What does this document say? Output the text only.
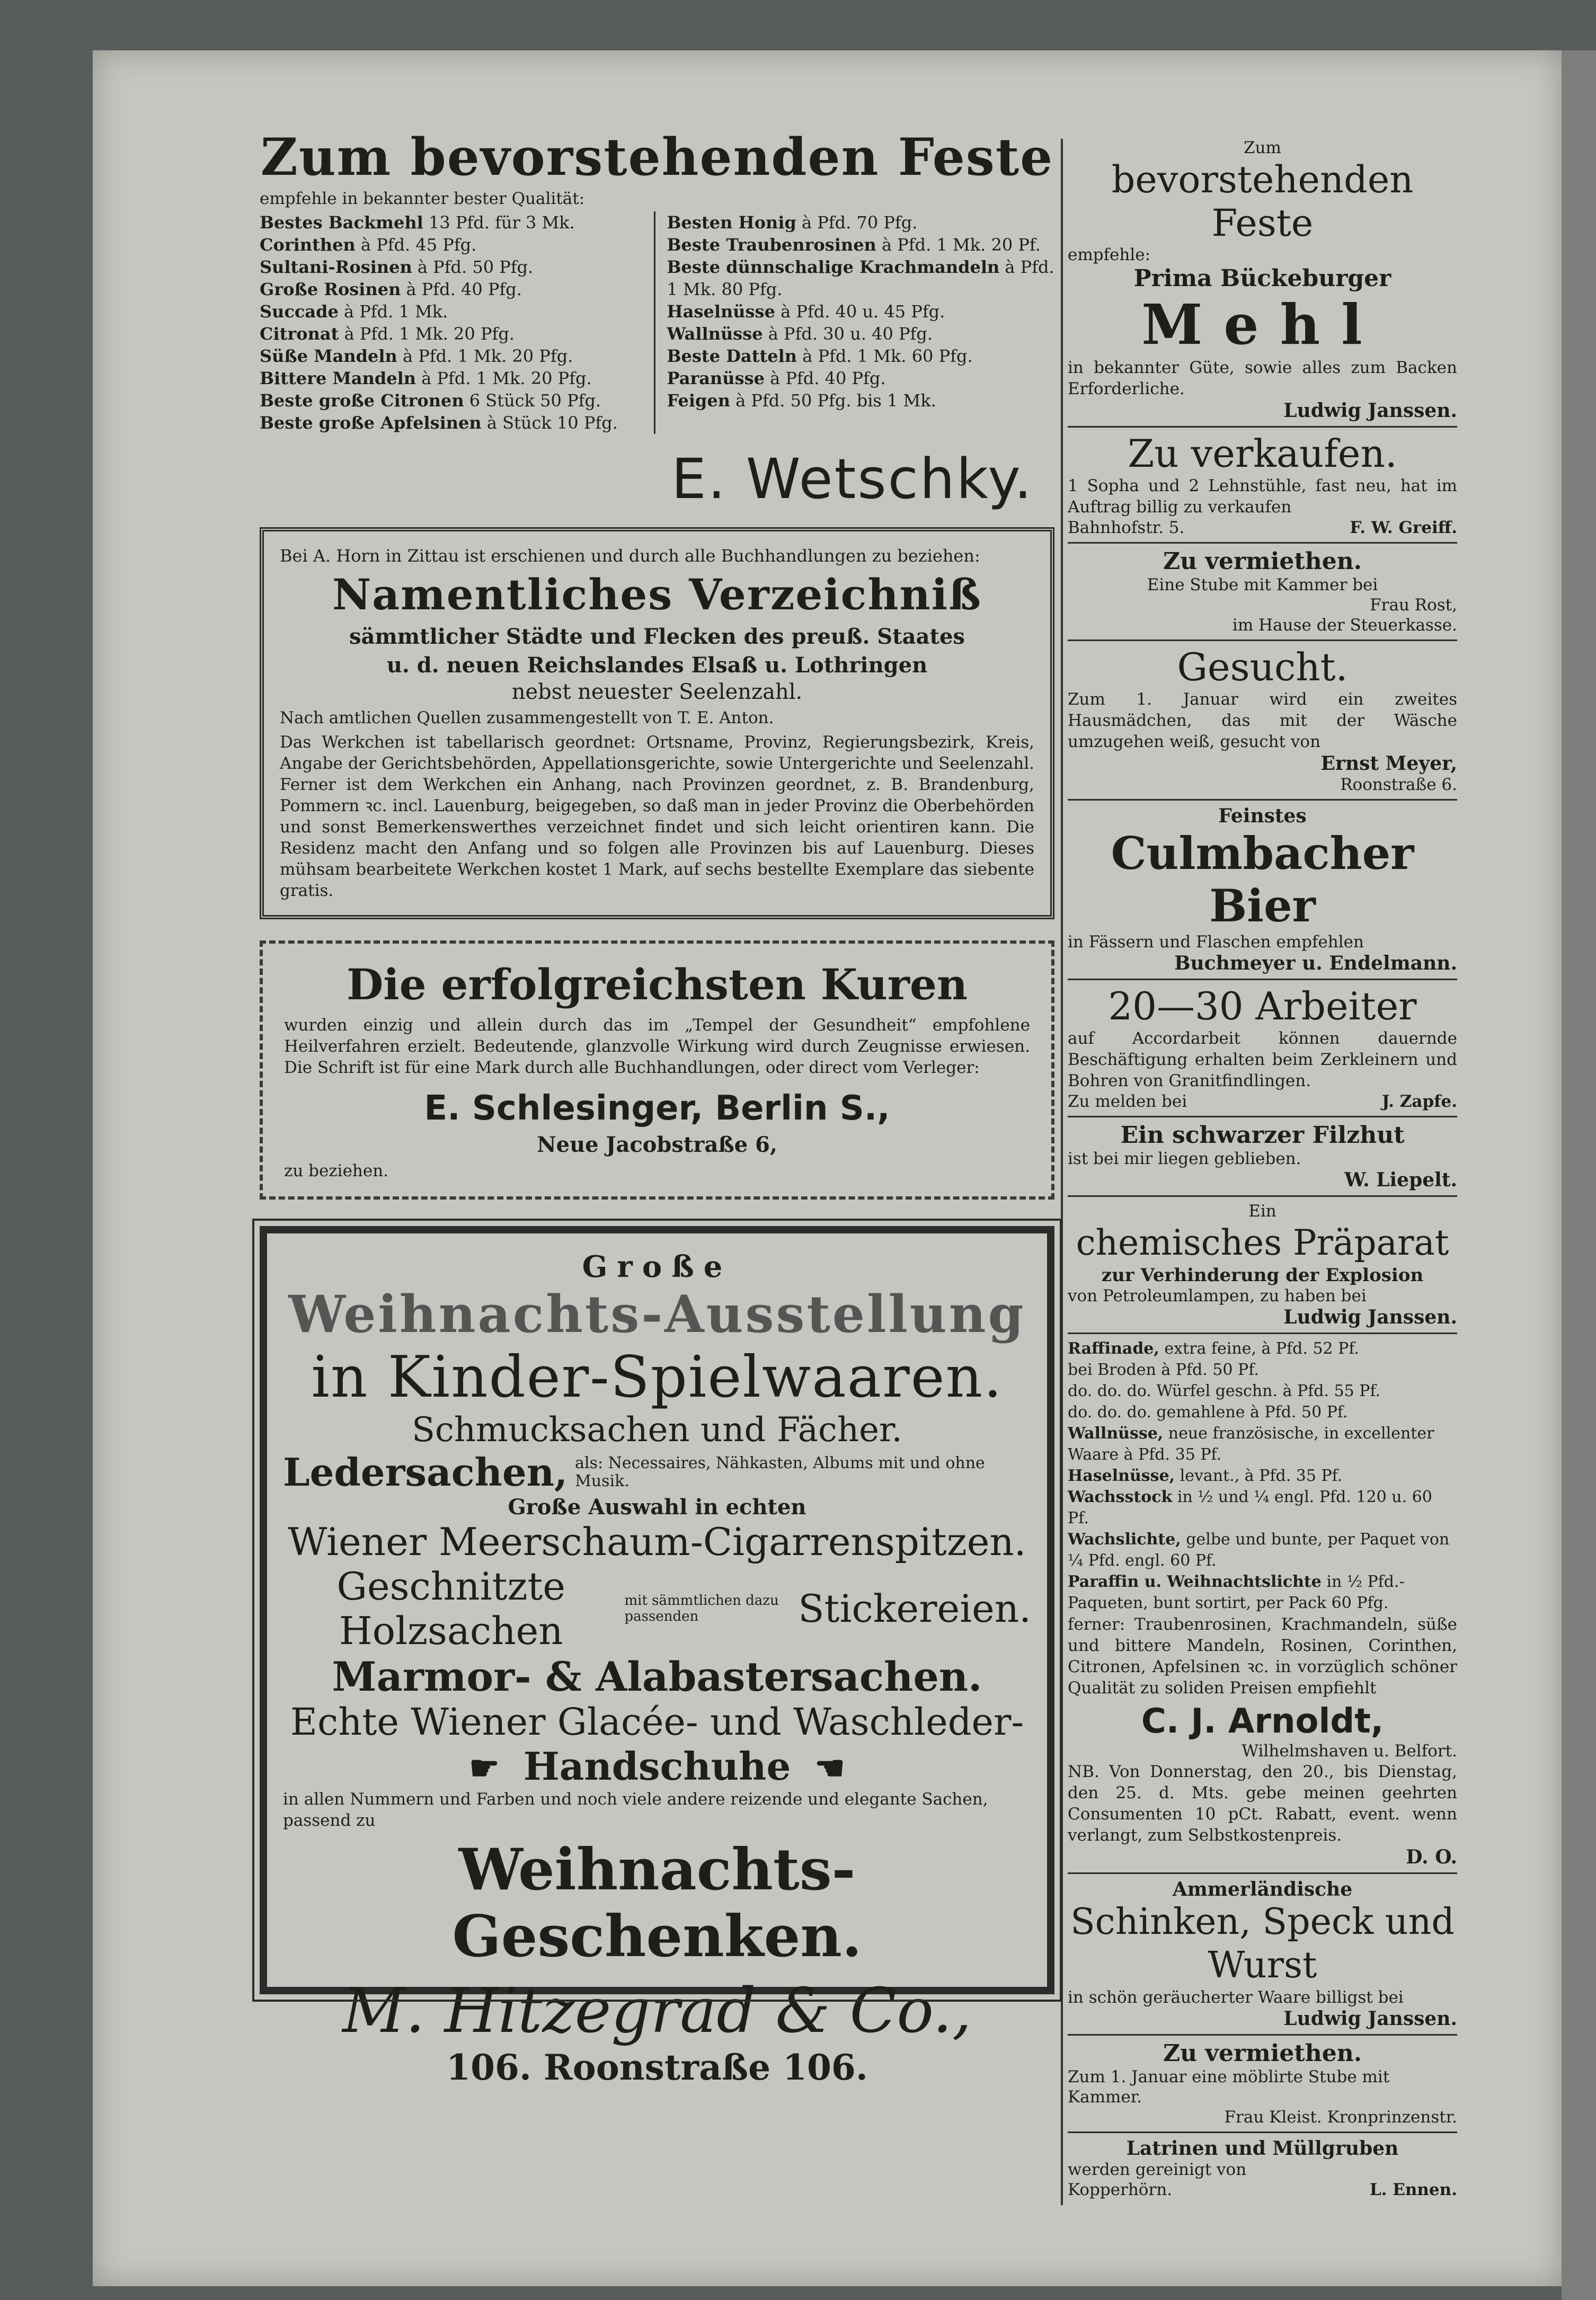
Zum bevorstehenden Feste
empfehle in bekannter bester Qualität:
Bestes Backmehl 13 Pfd. für 3 Mk.
Corinthen à Pfd. 45 Pfg.
Sultani-Rosinen à Pfd. 50 Pfg.
Große Rosinen à Pfd. 40 Pfg.
Succade à Pfd. 1 Mk.
Citronat à Pfd. 1 Mk. 20 Pfg.
Süße Mandeln à Pfd. 1 Mk. 20 Pfg.
Bittere Mandeln à Pfd. 1 Mk. 20 Pfg.
Beste große Citronen 6 Stück 50 Pfg.
Beste große Apfelsinen à Stück 10 Pfg.
Besten Honig à Pfd. 70 Pfg.
Beste Traubenrosinen à Pfd. 1 Mk. 20 Pf.
Beste dünnschalige Krachmandeln à Pfd. 1 Mk. 80 Pfg.
Haselnüsse à Pfd. 40 u. 45 Pfg.
Wallnüsse à Pfd. 30 u. 40 Pfg.
Beste Datteln à Pfd. 1 Mk. 60 Pfg.
Paranüsse à Pfd. 40 Pfg.
Feigen à Pfd. 50 Pfg. bis 1 Mk.
E. Wetschky.
Bei A. Horn in Zittau ist erschienen und durch alle Buchhandlungen zu beziehen:
Namentliches Verzeichniß
sämmtlicher Städte und Flecken des preuß. Staates
u. d. neuen Reichslandes Elsaß u. Lothringen
nebst neuester Seelenzahl.
Nach amtlichen Quellen zusammengestellt von T. E. Anton.
Das Werkchen ist tabellarisch geordnet: Ortsname, Provinz, Regierungsbezirk, Kreis, Angabe der Gerichtsbehörden, Appellationsgerichte, sowie Untergerichte und Seelenzahl. Ferner ist dem Werkchen ein Anhang, nach Provinzen geordnet, z. B. Brandenburg, Pommern ꝛc. incl. Lauenburg, beigegeben, so daß man in jeder Provinz die Oberbehörden und sonst Bemerkenswerthes verzeichnet findet und sich leicht orientiren kann. Die Residenz macht den Anfang und so folgen alle Provinzen bis auf Lauenburg. Dieses mühsam bearbeitete Werkchen kostet 1 Mark, auf sechs bestellte Exemplare das siebente gratis.
Die erfolgreichsten Kuren
wurden einzig und allein durch das im „Tempel der Gesundheit“ empfohlene Heilverfahren erzielt. Bedeutende, glanzvolle Wirkung wird durch Zeugnisse erwiesen. Die Schrift ist für eine Mark durch alle Buchhandlungen, oder direct vom Verleger:
E. Schlesinger, Berlin S.,
Neue Jacobstraße 6,
zu beziehen.
Große
Weihnachts-Ausstellung
in Kinder-Spielwaaren.
Schmucksachen und Fächer.
Ledersachen, als: Necessaires, Nähkasten, Albums mit und ohne Musik.
Große Auswahl in echten
Wiener Meerschaum-Cigarrenspitzen.
Geschnitzte Holzsachen
mit sämmtlichen dazu passenden	Stickereien.
Marmor- & Alabastersachen.
Echte Wiener Glacée- und Waschleder-
☛ Handschuhe ☚
in allen Nummern und Farben und noch viele andere reizende und elegante Sachen, passend zu
Weihnachts-Geschenken.
M. Hitzegrad & Co.,
106. Roonstraße 106.
Zum
bevorstehenden Feste
empfehle:
Prima Bückeburger
Mehl
in bekannter Güte, sowie alles zum Backen Erforderliche.
Ludwig Janssen.
Zu verkaufen.
1 Sopha und 2 Lehnstühle, fast neu, hat im Auftrag billig zu verkaufen
Bahnhofstr. 5.	F. W. Greiff.
Zu vermiethen.
Eine Stube mit Kammer bei
Frau Rost,
im Hause der Steuerkasse.
Gesucht.
Zum 1. Januar wird ein zweites Hausmädchen, das mit der Wäsche umzugehen weiß, gesucht von
Ernst Meyer,
Roonstraße 6.
Feinstes
Culmbacher Bier
in Fässern und Flaschen empfehlen
Buchmeyer u. Endelmann.
20—30 Arbeiter
auf Accordarbeit können dauernde Beschäftigung erhalten beim Zerkleinern und Bohren von Granitfindlingen.
Zu melden bei	J. Zapfe.
Ein schwarzer Filzhut
ist bei mir liegen geblieben.
W. Liepelt.
Ein
chemisches Präparat
zur Verhinderung der Explosion
von Petroleumlampen, zu haben bei
Ludwig Janssen.
Raffinade, extra feine, à Pfd. 52 Pf.
bei Broden à Pfd. 50 Pf.
do. do. do. Würfel geschn. à Pfd. 55 Pf.
do. do. do. gemahlene à Pfd. 50 Pf.
Wallnüsse, neue französische, in excellenter Waare à Pfd. 35 Pf.
Haselnüsse, levant., à Pfd. 35 Pf.
Wachsstock in ½ und ¼ engl. Pfd. 120 u. 60 Pf.
Wachslichte, gelbe und bunte, per Paquet von ¼ Pfd. engl. 60 Pf.
Paraffin u. Weihnachtslichte in ½ Pfd.-Paqueten, bunt sortirt, per Pack 60 Pfg.
ferner: Traubenrosinen, Krachmandeln, süße und bittere Mandeln, Rosinen, Corinthen, Citronen, Apfelsinen ꝛc. in vorzüglich schöner Qualität zu soliden Preisen empfiehlt
C. J. Arnoldt,
Wilhelmshaven u. Belfort.
NB. Von Donnerstag, den 20., bis Dienstag, den 25. d. Mts. gebe meinen geehrten Consumenten 10 pCt. Rabatt, event. wenn verlangt, zum Selbstkostenpreis.
D. O.
Ammerländische
Schinken, Speck und Wurst
in schön geräucherter Waare billigst bei
Ludwig Janssen.
Zu vermiethen.
Zum 1. Januar eine möblirte Stube mit Kammer.
Frau Kleist. Kronprinzenstr.
Latrinen und Müllgruben
werden gereinigt von
Kopperhörn.	L. Ennen.
